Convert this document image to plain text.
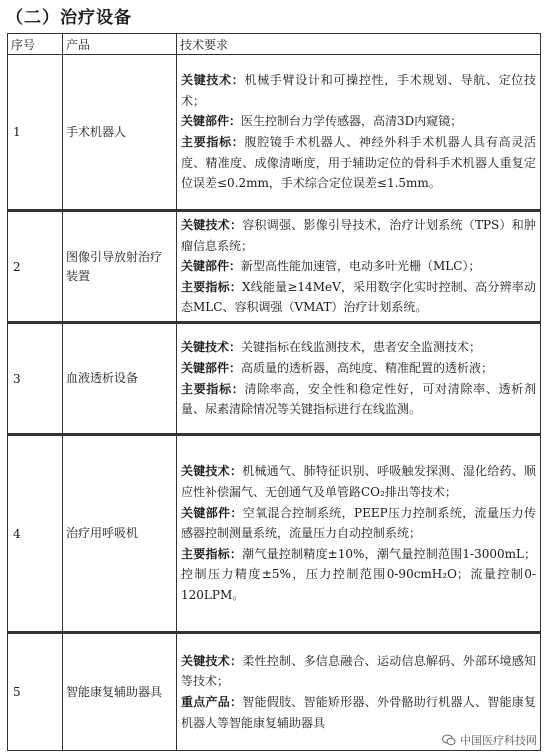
（二）治疗设备
序号	产品	技术要求
1	手术机器人	关键技术：机械手臂设计和可操控性，手术规划、导航、定位技术；
关键部件：医生控制台力学传感器，高清3D内窥镜；
主要指标：腹腔镜手术机器人、神经外科手术机器人具有高灵活度、精准度、成像清晰度，用于辅助定位的骨科手术机器人重复定位误差≤0.2mm，手术综合定位误差≤1.5mm。
2	图像引导放射治疗装置	关键技术：容积调强、影像引导技术，治疗计划系统（TPS）和肿瘤信息系统；
关键部件：新型高性能加速管，电动多叶光栅（MLC）；
主要指标：X线能量≥14MeV，采用数字化实时控制、高分辨率动态MLC、容积调强（VMAT）治疗计划系统。
3	血液透析设备	关键技术：关键指标在线监测技术，患者安全监测技术；
关键部件：高质量的透析器，高纯度、精准配置的透析液；
主要指标：清除率高，安全性和稳定性好，可对清除率、透析剂量、尿素清除情况等关键指标进行在线监测。
4	治疗用呼吸机	关键技术：机械通气、肺特征识别、呼吸触发探测、湿化给药、顺应性补偿漏气、无创通气及单管路CO₂排出等技术；
关键部件：空氧混合控制系统，PEEP压力控制系统，流量压力传感器控制测量系统，流量压力自动控制系统；
主要指标：潮气量控制精度±10%，潮气量控制范围1-3000mL；控制压力精度±5%，压力控制范围0-90cmH₂O；流量控制0-120LPM。
5	智能康复辅助器具	关键技术：柔性控制、多信息融合、运动信息解码、外部环境感知等技术；
重点产品：智能假肢、智能矫形器、外骨骼助行机器人、智能康复机器人等智能康复辅助器具
中国医疗科技网
